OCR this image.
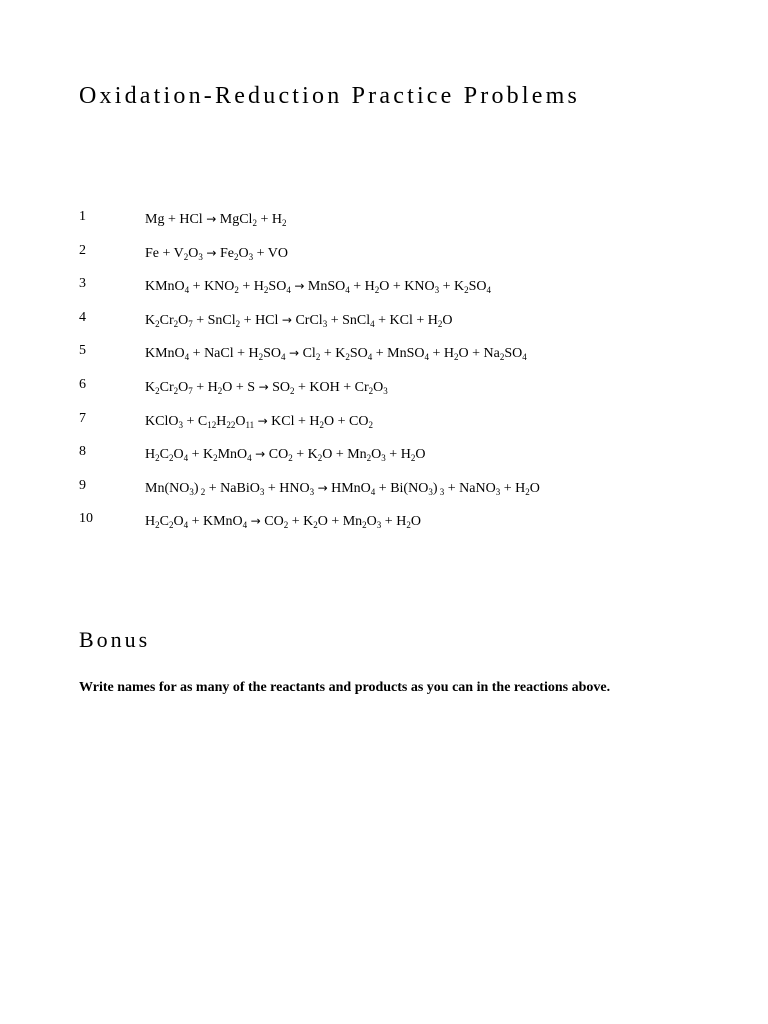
Oxidation-Reduction Practice Problems
1	Mg + HCl → MgCl$_2$ + $H_2$
2	$Fe + V_2O_3 \to Fe_2O_3$ + VO
3	KMnO$_4$ + $KNO_2 + H_2SO_4$ → MnSO$_4$ + $H_2O + KNO_3 + K_2SO_4$
4	$K_2Cr_2O_7$ + SnCl$_2$ + HCl → CrCl$_3$ + SnCl$_4$ + KCl + $H_2O$
5	KMnO$_4$ + NaCl + $H_2SO_4 \to Cl_2 + K_2SO_4$ + MnSO$_4$ + $H_2O + Na_2SO_4$
6	$K_2Cr_2O_7 + H_2O + S \to SO_2$ + KOH + $Cr_2O_3$
7	KClO$_3$ + $C_{12}H_{22}O_{11}$ → KCl + $H_2O + CO_2$
8	$H_2C_2O_4 + K_2MnO_4 \to CO_2 + K_2O + Mn_2O_3 + H_2O$
9	$Mn(NO_3) _2$ + NaBiO$_3$ + $HNO_3$ → HMnO$_4$ + $Bi(NO_3) _3$ + NaNO$_3$ + $H_2O$
10	$H_2C_2O_4$ + KMnO$_4$ → $CO_2 + K_2O + Mn_2O_3 + H_2O$
Bonus

Write names for as many of the reactants and products as you can in the reactions above.
